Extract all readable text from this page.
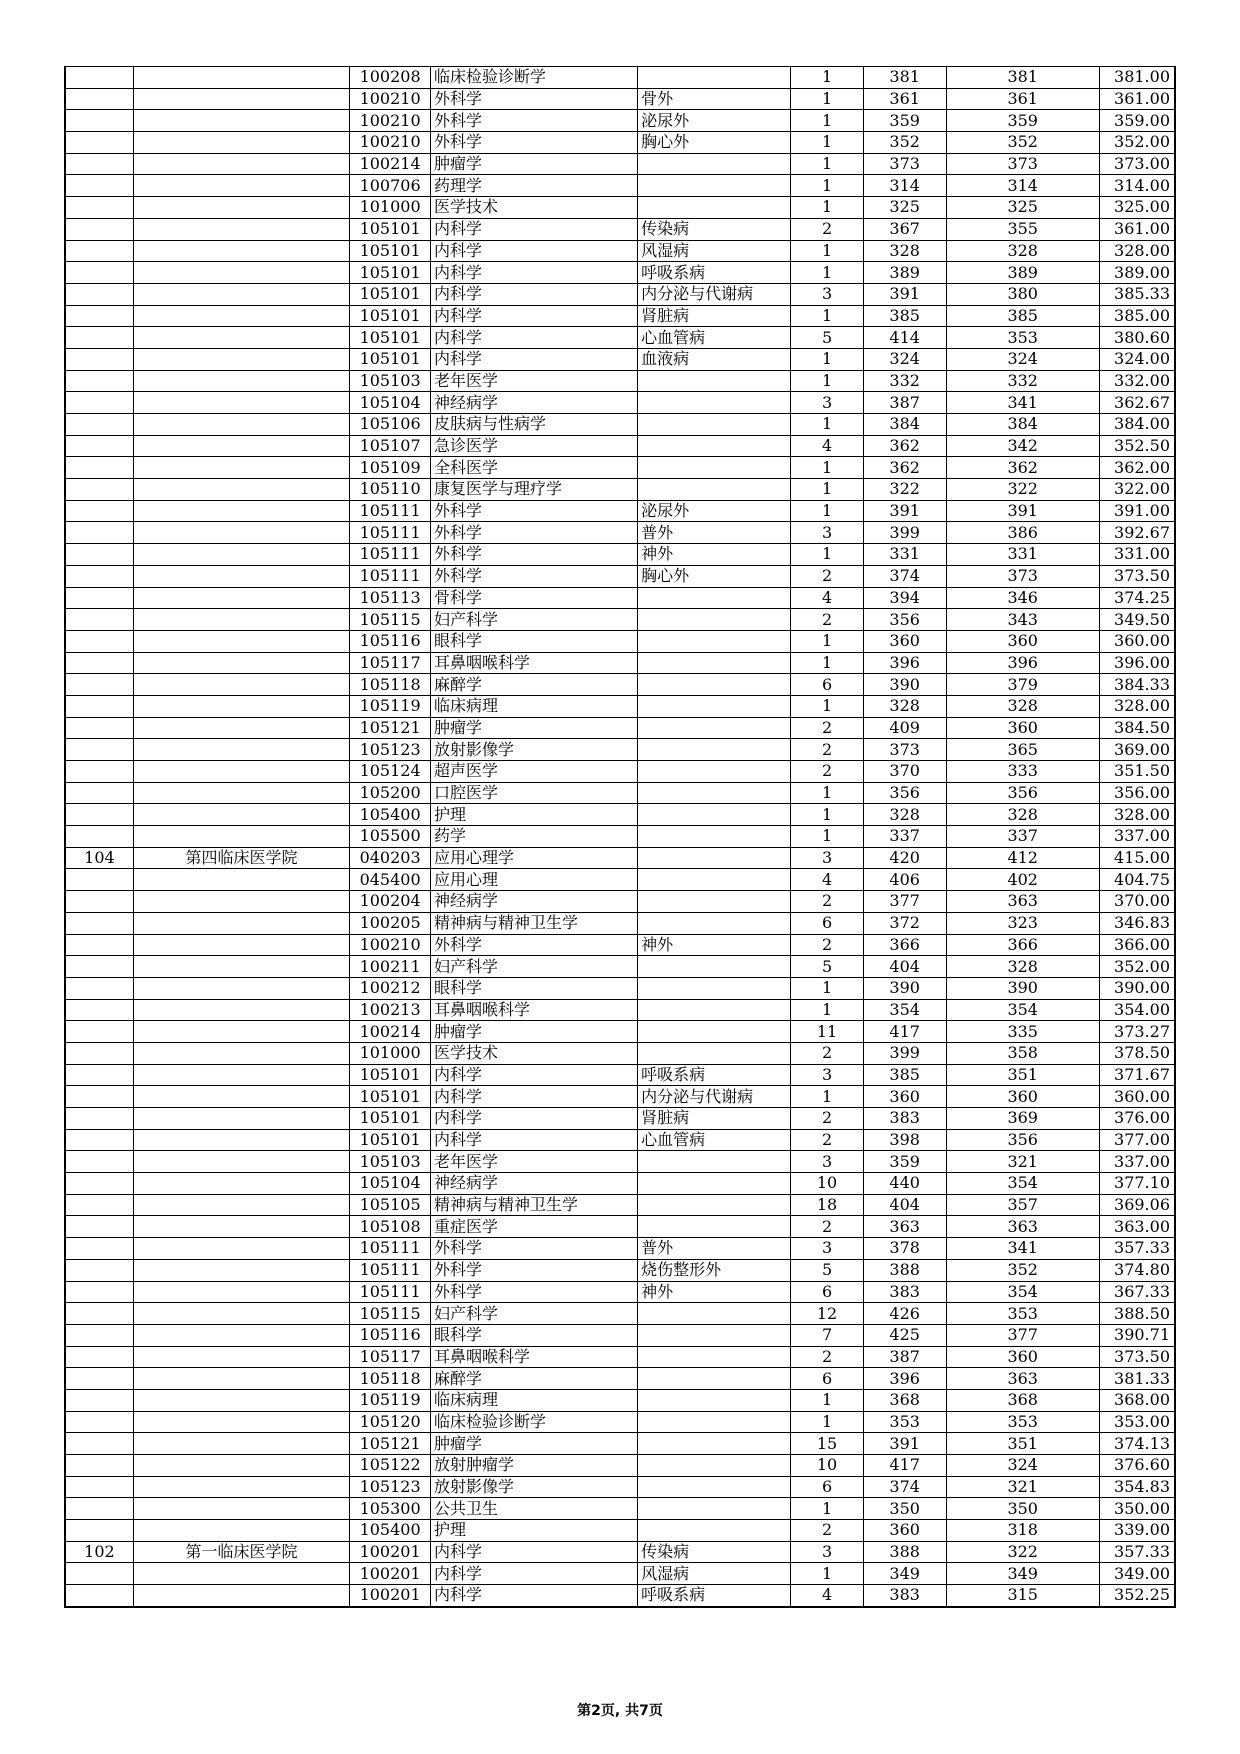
		100208	临床检验诊断学		1	381	381	381.00
		100210	外科学	骨外	1	361	361	361.00
		100210	外科学	泌尿外	1	359	359	359.00
		100210	外科学	胸心外	1	352	352	352.00
		100214	肿瘤学		1	373	373	373.00
		100706	药理学		1	314	314	314.00
		101000	医学技术		1	325	325	325.00
		105101	内科学	传染病	2	367	355	361.00
		105101	内科学	风湿病	1	328	328	328.00
		105101	内科学	呼吸系病	1	389	389	389.00
		105101	内科学	内分泌与代谢病	3	391	380	385.33
		105101	内科学	肾脏病	1	385	385	385.00
		105101	内科学	心血管病	5	414	353	380.60
		105101	内科学	血液病	1	324	324	324.00
		105103	老年医学		1	332	332	332.00
		105104	神经病学		3	387	341	362.67
		105106	皮肤病与性病学		1	384	384	384.00
		105107	急诊医学		4	362	342	352.50
		105109	全科医学		1	362	362	362.00
		105110	康复医学与理疗学		1	322	322	322.00
		105111	外科学	泌尿外	1	391	391	391.00
		105111	外科学	普外	3	399	386	392.67
		105111	外科学	神外	1	331	331	331.00
		105111	外科学	胸心外	2	374	373	373.50
		105113	骨科学		4	394	346	374.25
		105115	妇产科学		2	356	343	349.50
		105116	眼科学		1	360	360	360.00
		105117	耳鼻咽喉科学		1	396	396	396.00
		105118	麻醉学		6	390	379	384.33
		105119	临床病理		1	328	328	328.00
		105121	肿瘤学		2	409	360	384.50
		105123	放射影像学		2	373	365	369.00
		105124	超声医学		2	370	333	351.50
		105200	口腔医学		1	356	356	356.00
		105400	护理		1	328	328	328.00
		105500	药学		1	337	337	337.00
104	第四临床医学院	040203	应用心理学		3	420	412	415.00
		045400	应用心理		4	406	402	404.75
		100204	神经病学		2	377	363	370.00
		100205	精神病与精神卫生学		6	372	323	346.83
		100210	外科学	神外	2	366	366	366.00
		100211	妇产科学		5	404	328	352.00
		100212	眼科学		1	390	390	390.00
		100213	耳鼻咽喉科学		1	354	354	354.00
		100214	肿瘤学		11	417	335	373.27
		101000	医学技术		2	399	358	378.50
		105101	内科学	呼吸系病	3	385	351	371.67
		105101	内科学	内分泌与代谢病	1	360	360	360.00
		105101	内科学	肾脏病	2	383	369	376.00
		105101	内科学	心血管病	2	398	356	377.00
		105103	老年医学		3	359	321	337.00
		105104	神经病学		10	440	354	377.10
		105105	精神病与精神卫生学		18	404	357	369.06
		105108	重症医学		2	363	363	363.00
		105111	外科学	普外	3	378	341	357.33
		105111	外科学	烧伤整形外	5	388	352	374.80
		105111	外科学	神外	6	383	354	367.33
		105115	妇产科学		12	426	353	388.50
		105116	眼科学		7	425	377	390.71
		105117	耳鼻咽喉科学		2	387	360	373.50
		105118	麻醉学		6	396	363	381.33
		105119	临床病理		1	368	368	368.00
		105120	临床检验诊断学		1	353	353	353.00
		105121	肿瘤学		15	391	351	374.13
		105122	放射肿瘤学		10	417	324	376.60
		105123	放射影像学		6	374	321	354.83
		105300	公共卫生		1	350	350	350.00
		105400	护理		2	360	318	339.00
102	第一临床医学院	100201	内科学	传染病	3	388	322	357.33
		100201	内科学	风湿病	1	349	349	349.00
		100201	内科学	呼吸系病	4	383	315	352.25
第2页, 共7页
